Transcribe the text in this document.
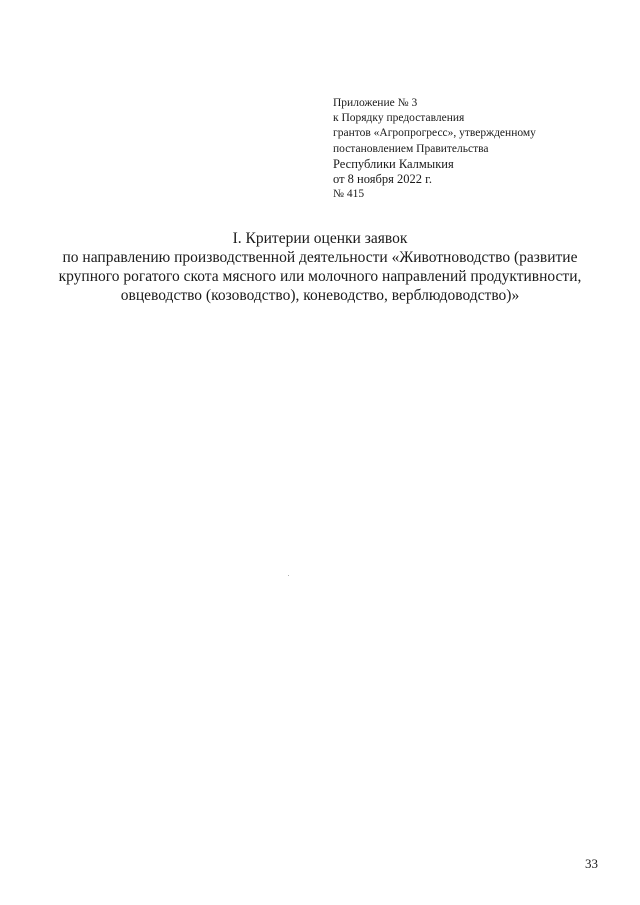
Приложение № 3
к Порядку предоставления
грантов «Агропрогресс», утвержденному
постановлением Правительства
Республики Калмыкия
от 8 ноября 2022 г.
№ 415
I. Критерии оценки заявок
по направлению производственной деятельности «Животноводство (развитие
крупного рогатого скота мясного или молочного направлений продуктивности,
овцеводство (козоводство), коневодство, верблюдоводство)»
33
